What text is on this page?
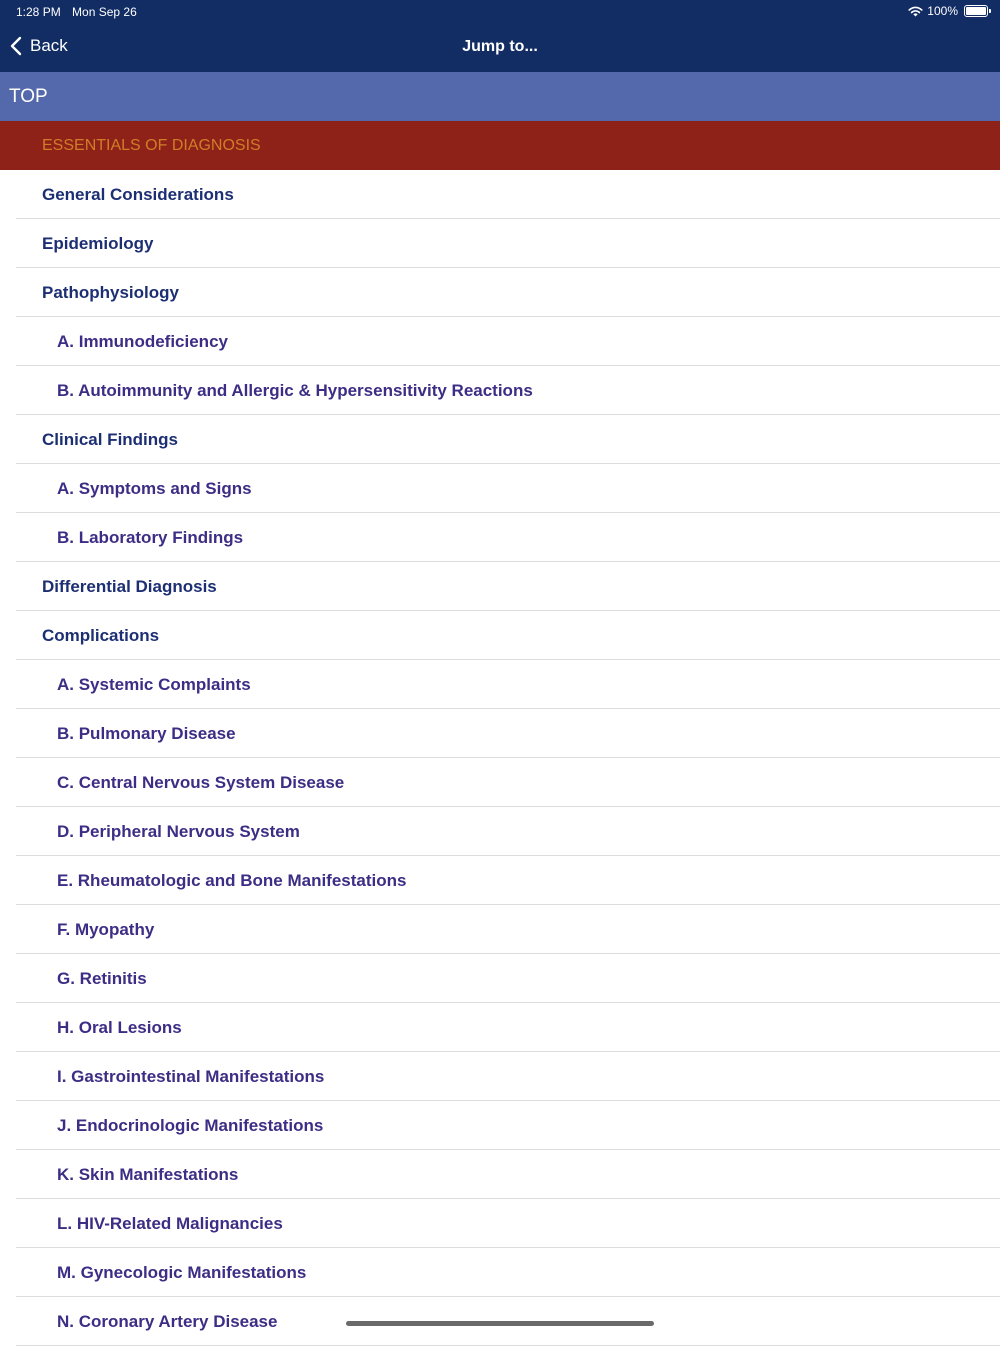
1:28 PM Mon Sep 26	100%
Back	Jump to...
TOP
ESSENTIALS OF DIAGNOSIS
General Considerations
Epidemiology
Pathophysiology
A. Immunodeficiency
B. Autoimmunity and Allergic & Hypersensitivity Reactions
Clinical Findings
A. Symptoms and Signs
B. Laboratory Findings
Differential Diagnosis
Complications
A. Systemic Complaints
B. Pulmonary Disease
C. Central Nervous System Disease
D. Peripheral Nervous System
E. Rheumatologic and Bone Manifestations
F. Myopathy
G. Retinitis
H. Oral Lesions
I. Gastrointestinal Manifestations
J. Endocrinologic Manifestations
K. Skin Manifestations
L. HIV-Related Malignancies
M. Gynecologic Manifestations
N. Coronary Artery Disease
